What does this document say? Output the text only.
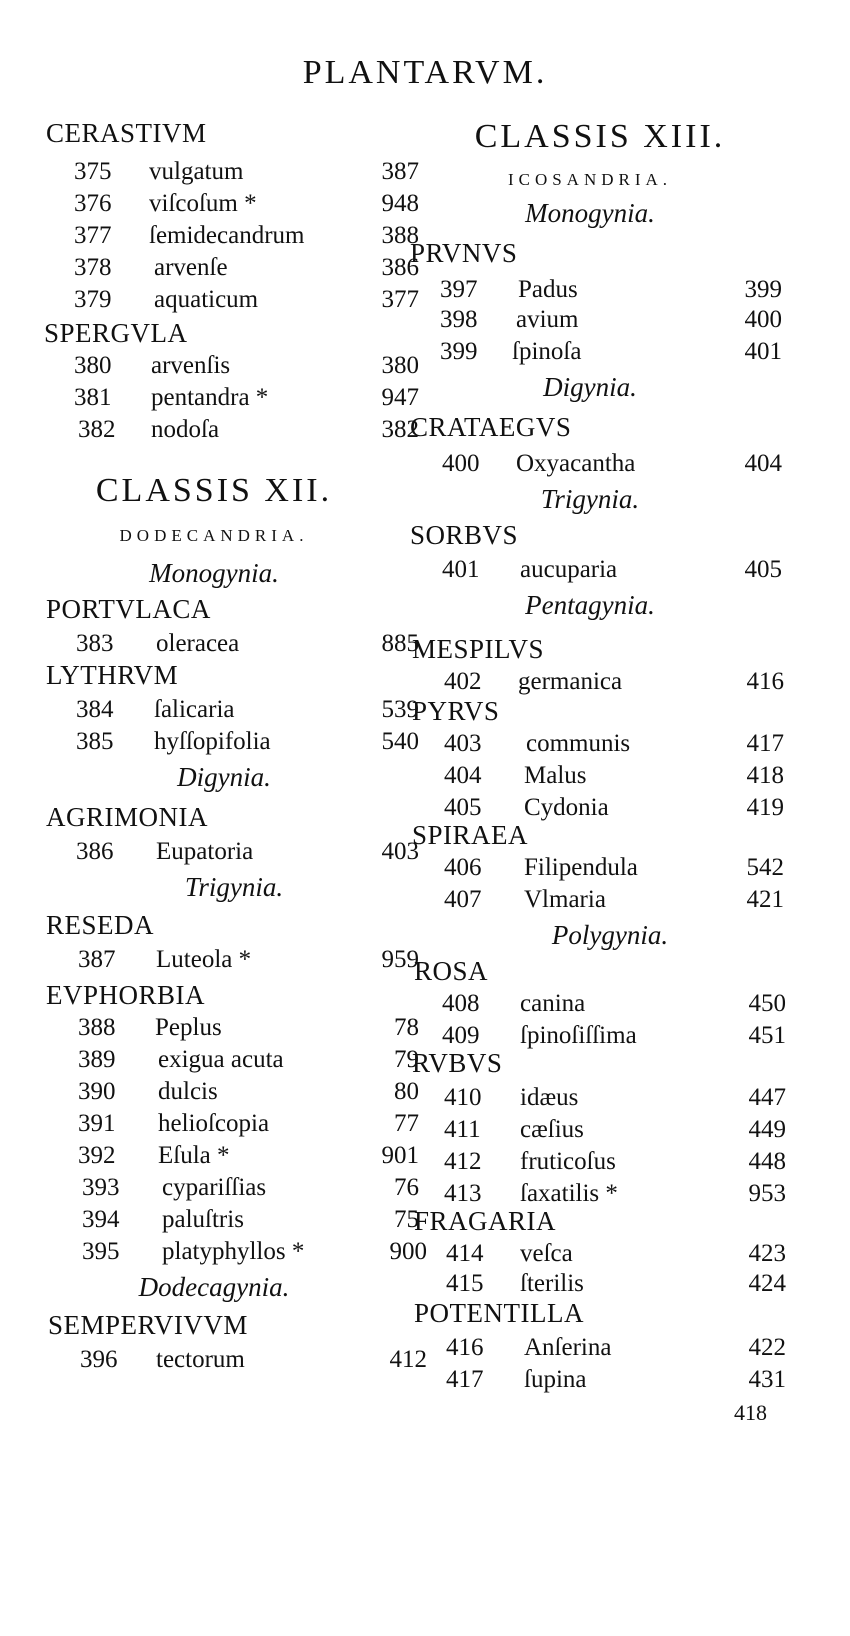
PLANTARVM.
CERASTIVM
375 vulgatum	387
376 viſcoſum *	948
377 ſemidecandrum	388
378 arvenſe	386
379 aquaticum	377
SPERGVLA
380 arvenſis	380
381 pentandra *	947
382 nodoſa	382
CLASSIS XII.
DODECANDRIA.
Monogynia.
PORTVLACA
383 oleracea	885
LYTHRVM
384 ſalicaria	539
385 hyſſopifolia	540
Digynia.
AGRIMONIA
386 Eupatoria	403
Trigynia.
RESEDA
387 Luteola *	959
EVPHORBIA
388 Peplus	78
389 exigua acuta	79
390 dulcis	80
391 helioſcopia	77
392 Eſula *	901
393 cypariſſias	76
394 paluſtris	75
395 platyphyllos *	900
Dodecagynia.
SEMPERVIVVM
396 tectorum	412
CLASSIS XIII.
ICOSANDRIA.
Monogynia.
PRVNVS
397 Padus	399
398 avium	400
399 ſpinoſa	401
Digynia.
CRATAEGVS
400 Oxyacantha	404
Trigynia.
SORBVS
401 aucuparia	405
Pentagynia.
MESPILVS
402 germanica	416
PYRVS
403 communis	417
404 Malus	418
405 Cydonia	419
SPIRAEA
406 Filipendula	542
407 Vlmaria	421
Polygynia.
ROSA
408 canina	450
409 ſpinoſiſſima	451
RVBVS
410 idæus	447
411 cæſius	449
412 fruticoſus	448
413 ſaxatilis *	953
FRAGARIA
414 veſca	423
415 ſterilis	424
POTENTILLA
416 Anſerina	422
417 ſupina	431
418
